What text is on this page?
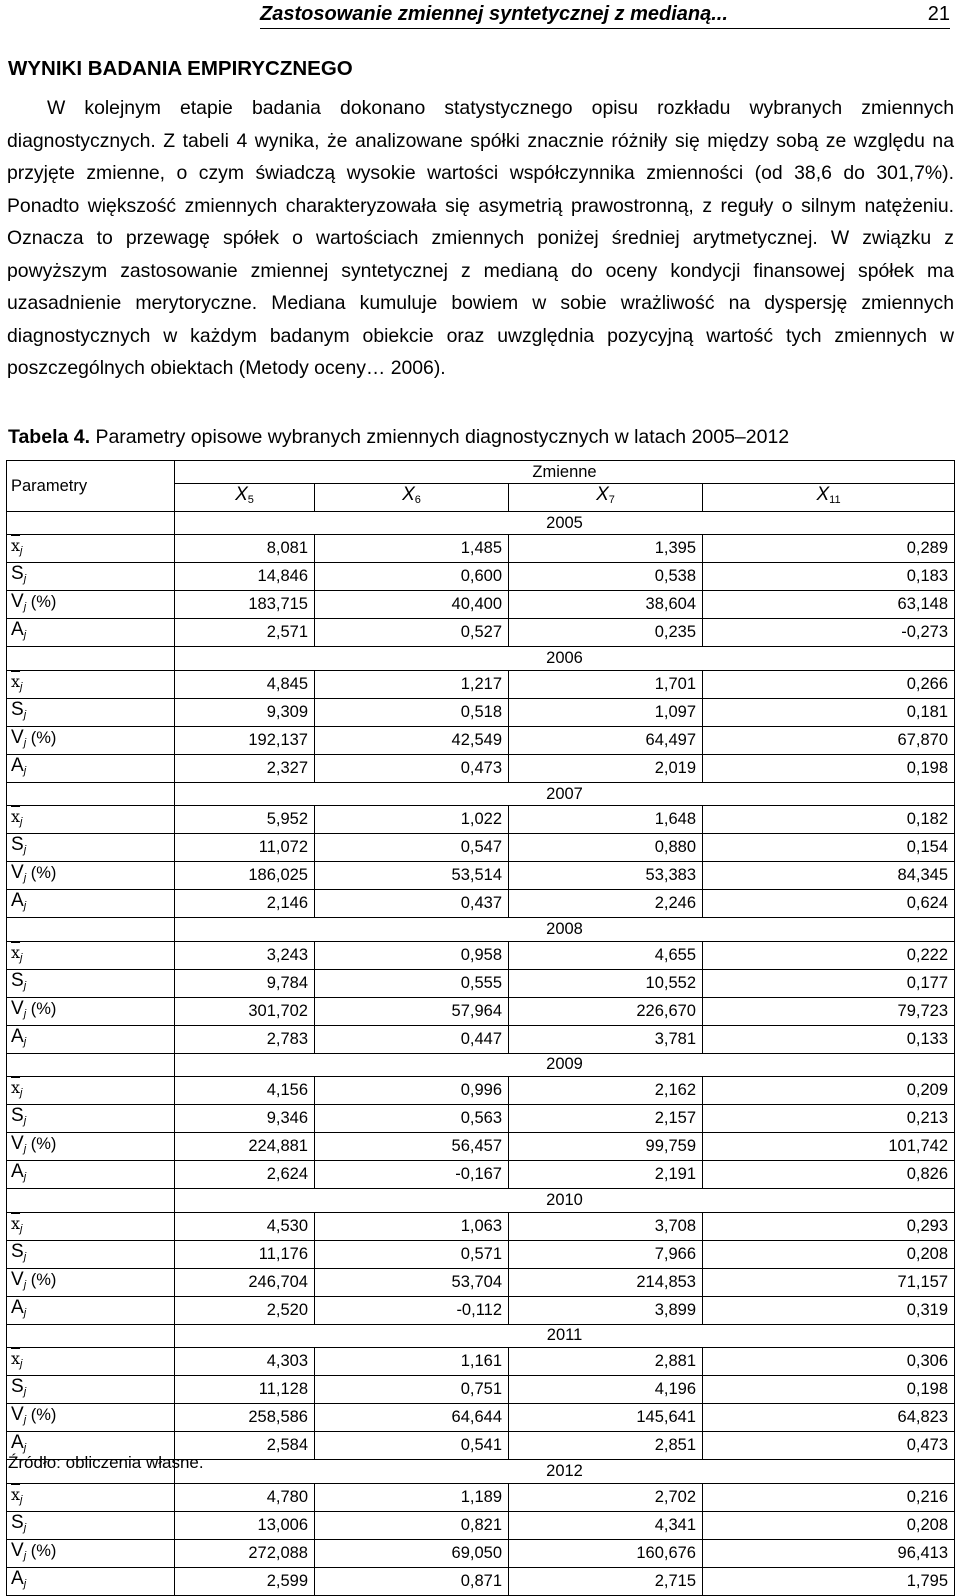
Zastosowanie zmiennej syntetycznej z medianą...	21
WYNIKI BADANIA EMPIRYCZNEGO

W kolejnym etapie badania dokonano statystycznego opisu rozkładu wybranych zmiennych diagnostycznych. Z tabeli 4 wynika, że analizowane spółki znacznie różniły się między sobą ze względu na przyjęte zmienne, o czym świadczą wysokie wartości współczynnika zmienności (od 38,6 do 301,7%). Ponadto większość zmiennych charakteryzowała się asymetrią prawostronną, z reguły o silnym natężeniu. Oznacza to przewagę spółek o wartościach zmiennych poniżej średniej arytmetycznej. W związku z powyższym zastosowanie zmiennej syntetycznej z medianą do oceny kondycji finansowej spółek ma uzasadnienie merytoryczne. Mediana kumuluje bowiem w sobie wrażliwość na dyspersję zmiennych diagnostycznych w każdym badanym obiekcie oraz uwzględnia pozycyjną wartość tych zmiennych w poszczególnych obiektach (Metody oceny… 2006).

Tabela 4. Parametry opisowe wybranych zmiennych diagnostycznych w latach 2005‒2012

Parametry	Zmienne			
	X5	X6	X7	X11
	2005			
$\overline{x}_j$	8,081	1,485	1,395	0,289
$S_j$	14,846	0,600	0,538	0,183
$V_j$ (%)	183,715	40,400	38,604	63,148
$A_j$	2,571	0,527	0,235	-0,273
	2006			
$\overline{x}_j$	4,845	1,217	1,701	0,266
$S_j$	9,309	0,518	1,097	0,181
$V_j$ (%)	192,137	42,549	64,497	67,870
$A_j$	2,327	0,473	2,019	0,198
	2007			
$\overline{x}_j$	5,952	1,022	1,648	0,182
$S_j$	11,072	0,547	0,880	0,154
$V_j$ (%)	186,025	53,514	53,383	84,345
$A_j$	2,146	0,437	2,246	0,624
	2008			
$\overline{x}_j$	3,243	0,958	4,655	0,222
$S_j$	9,784	0,555	10,552	0,177
$V_j$ (%)	301,702	57,964	226,670	79,723
$A_j$	2,783	0,447	3,781	0,133
	2009			
$\overline{x}_j$	4,156	0,996	2,162	0,209
$S_j$	9,346	0,563	2,157	0,213
$V_j$ (%)	224,881	56,457	99,759	101,742
$A_j$	2,624	-0,167	2,191	0,826
	2010			
$\overline{x}_j$	4,530	1,063	3,708	0,293
$S_j$	11,176	0,571	7,966	0,208
$V_j$ (%)	246,704	53,704	214,853	71,157
$A_j$	2,520	-0,112	3,899	0,319
	2011			
$\overline{x}_j$	4,303	1,161	2,881	0,306
$S_j$	11,128	0,751	4,196	0,198
$V_j$ (%)	258,586	64,644	145,641	64,823
$A_j$	2,584	0,541	2,851	0,473
	2012			
$\overline{x}_j$	4,780	1,189	2,702	0,216
$S_j$	13,006	0,821	4,341	0,208
$V_j$ (%)	272,088	69,050	160,676	96,413
$A_j$	2,599	0,871	2,715	1,795

Źródło: obliczenia własne.
